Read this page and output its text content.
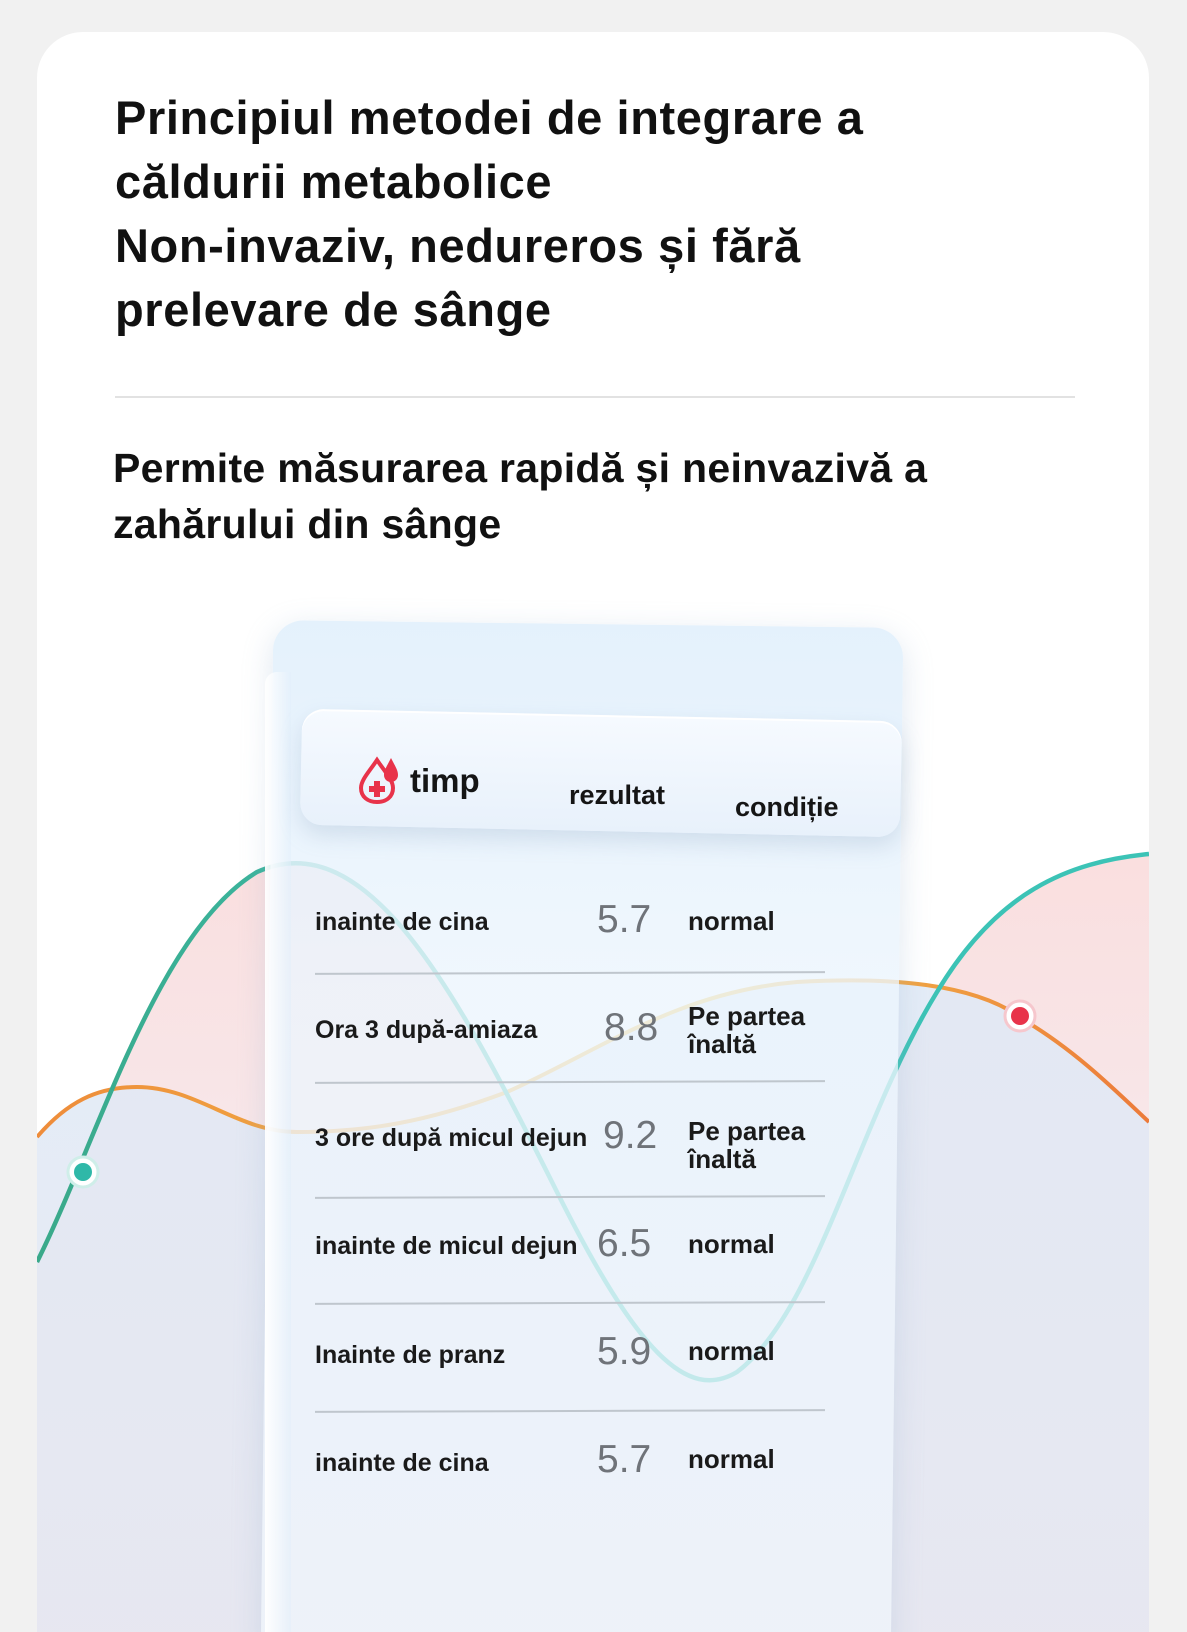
Principiul metodei de integrare a
căldurii metabolice
Non-invaziv, nedureros și fără
prelevare de sânge
Permite măsurarea rapidă și neinvazivă a
zahărului din sânge
timp	rezultat	condiție
inainte de cina	5.7 normal
Ora 3 după-amiaza 8.8 Pe partea înaltă
3 ore după micul dejun 9.2 Pe partea înaltă
inainte de micul dejun 6.5 normal
Inainte de pranz 5.9 normal
inainte de cina	5.7 normal
